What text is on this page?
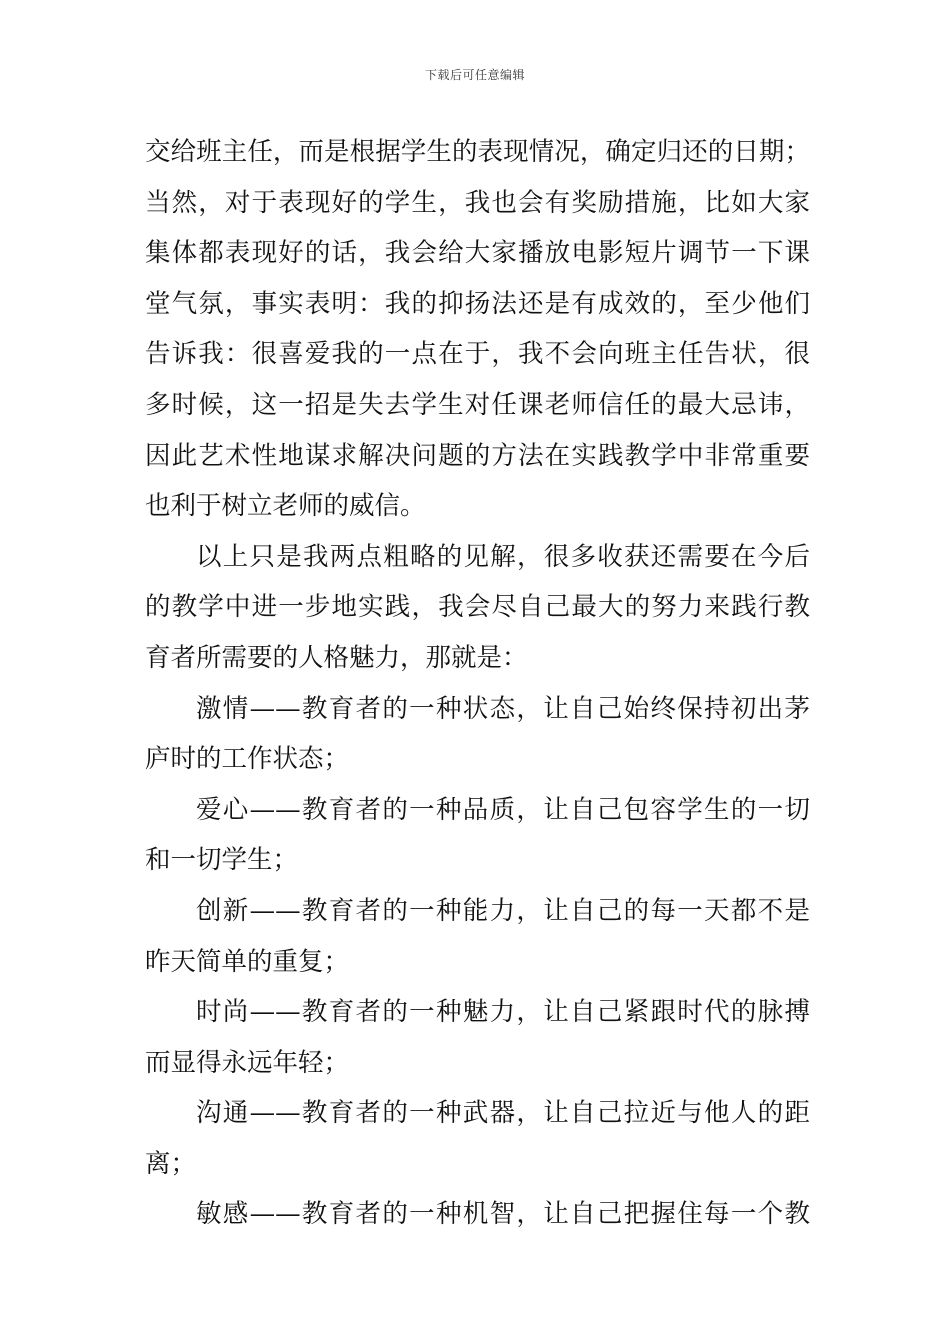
下载后可任意编辑
交给班主任，而是根据学生的表现情况，确定归还的日期；
当然，对于表现好的学生，我也会有奖励措施，比如大家
集体都表现好的话，我会给大家播放电影短片调节一下课
堂气氛，事实表明：我的抑扬法还是有成效的，至少他们
告诉我：很喜爱我的一点在于，我不会向班主任告状，很
多时候，这一招是失去学生对任课老师信任的最大忌讳，
因此艺术性地谋求解决问题的方法在实践教学中非常重要
也利于树立老师的威信。
以上只是我两点粗略的见解，很多收获还需要在今后
的教学中进一步地实践，我会尽自己最大的努力来践行教
育者所需要的人格魅力，那就是：
激情——教育者的一种状态，让自己始终保持初出茅
庐时的工作状态；
爱心——教育者的一种品质，让自己包容学生的一切
和一切学生；
创新——教育者的一种能力，让自己的每一天都不是
昨天简单的重复；
时尚——教育者的一种魅力，让自己紧跟时代的脉搏
而显得永远年轻；
沟通——教育者的一种武器，让自己拉近与他人的距
离；
敏感——教育者的一种机智，让自己把握住每一个教
